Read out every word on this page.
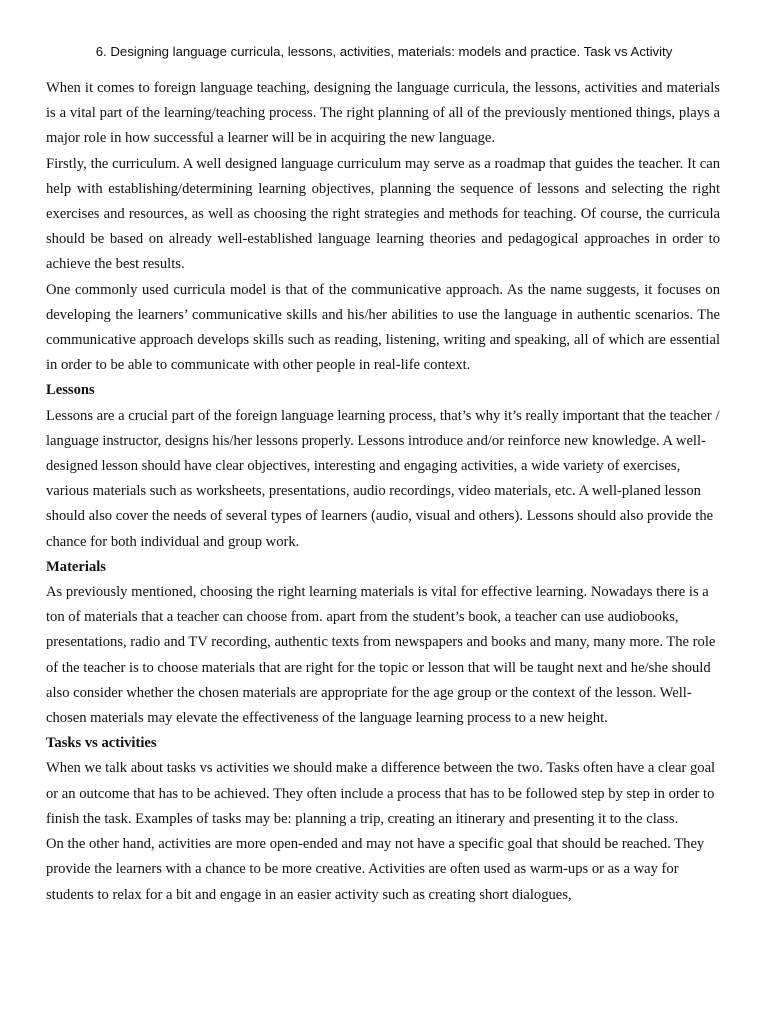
6. Designing language curricula, lessons, activities, materials: models and practice. Task vs Activity

When it comes to foreign language teaching, designing the language curricula, the lessons, activities and materials is a vital part of the learning/teaching process. The right planning of all of the previously mentioned things, plays a major role in how successful a learner will be in acquiring the new language.

Firstly, the curriculum. A well designed language curriculum may serve as a roadmap that guides the teacher. It can help with establishing/determining learning objectives, planning the sequence of lessons and selecting the right exercises and resources, as well as choosing the right strategies and methods for teaching. Of course, the curricula should be based on already well-established language learning theories and pedagogical approaches in order to achieve the best results.

One commonly used curricula model is that of the communicative approach. As the name suggests, it focuses on developing the learners’ communicative skills and his/her abilities to use the language in authentic scenarios. The communicative approach develops skills such as reading, listening, writing and speaking, all of which are essential in order to be able to communicate with other people in real-life context.

Lessons

Lessons are a crucial part of the foreign language learning process, that’s why it’s really important that the teacher / language instructor, designs his/her lessons properly. Lessons introduce and/or reinforce new knowledge. A well-designed lesson should have clear objectives, interesting and engaging activities, a wide variety of exercises, various materials such as worksheets, presentations, audio recordings, video materials, etc. A well-planed lesson should also cover the needs of several types of learners (audio, visual and others). Lessons should also provide the chance for both individual and group work.

Materials

As previously mentioned, choosing the right learning materials is vital for effective learning. Nowadays there is a ton of materials that a teacher can choose from. apart from the student’s book, a teacher can use audiobooks, presentations, radio and TV recording, authentic texts from newspapers and books and many, many more. The role of the teacher is to choose materials that are right for the topic or lesson that will be taught next and he/she should also consider whether the chosen materials are appropriate for the age group or the context of the lesson. Well-chosen materials may elevate the effectiveness of the language learning process to a new height.

Tasks vs activities

When we talk about tasks vs activities we should make a difference between the two. Tasks often have a clear goal or an outcome that has to be achieved. They often include a process that has to be followed step by step in order to finish the task. Examples of tasks may be: planning a trip, creating an itinerary and presenting it to the class.

On the other hand, activities are more open-ended and may not have a specific goal that should be reached. They provide the learners with a chance to be more creative. Activities are often used as warm-ups or as a way for students to relax for a bit and engage in an easier activity such as creating short dialogues,
